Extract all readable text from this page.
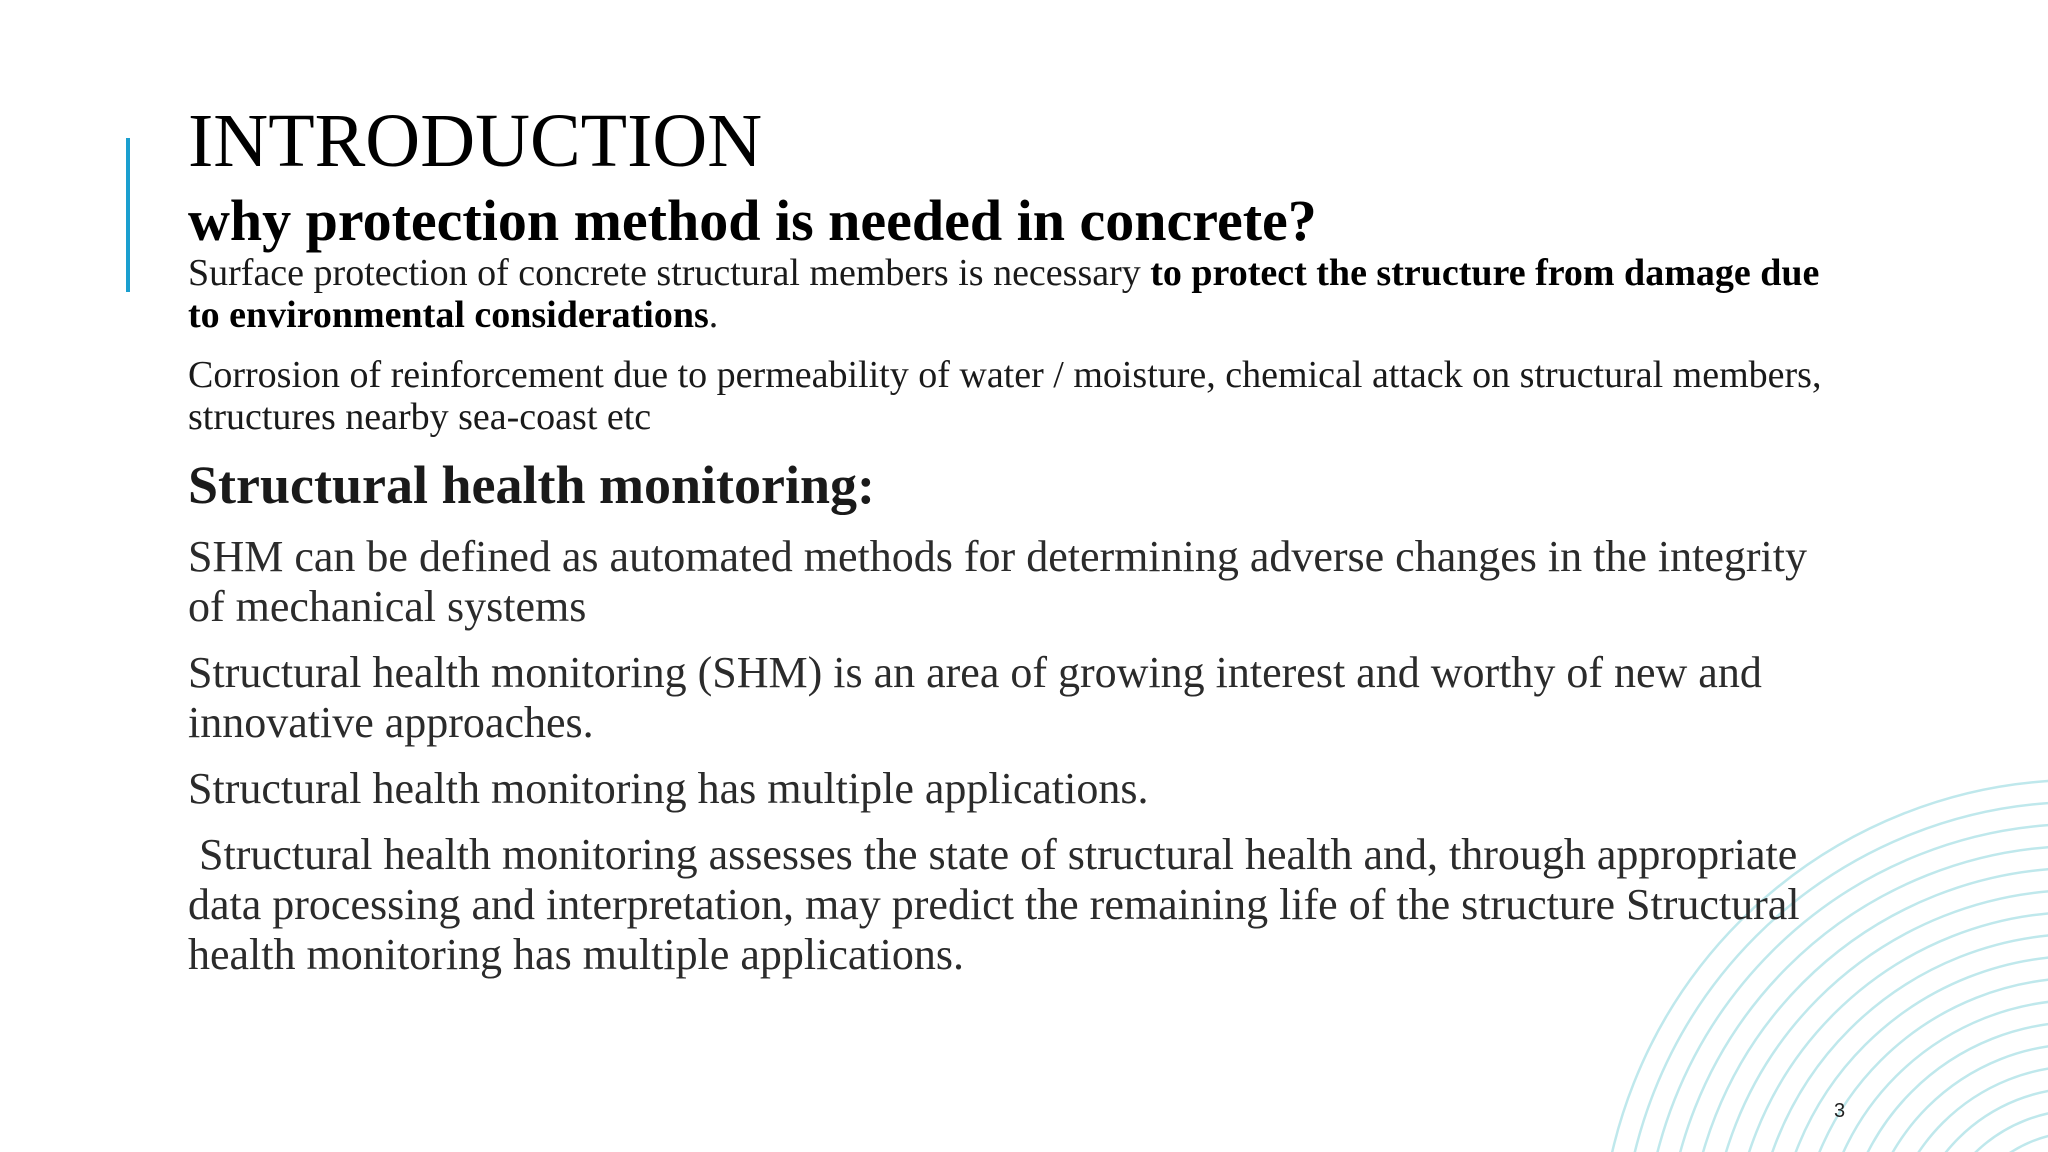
INTRODUCTION
why protection method is needed in concrete?

Surface protection of concrete structural members is necessary to protect the structure from damage due to environmental considerations.

Corrosion of reinforcement due to permeability of water / moisture, chemical attack on structural members, structures nearby sea-coast etc

Structural health monitoring:

SHM can be defined as automated methods for determining adverse changes in the integrity of mechanical systems

Structural health monitoring (SHM) is an area of growing interest and worthy of new and innovative approaches.

Structural health monitoring has multiple applications.

Structural health monitoring assesses the state of structural health and, through appropriate data processing and interpretation, may predict the remaining life of the structure Structural health monitoring has multiple applications.

3
